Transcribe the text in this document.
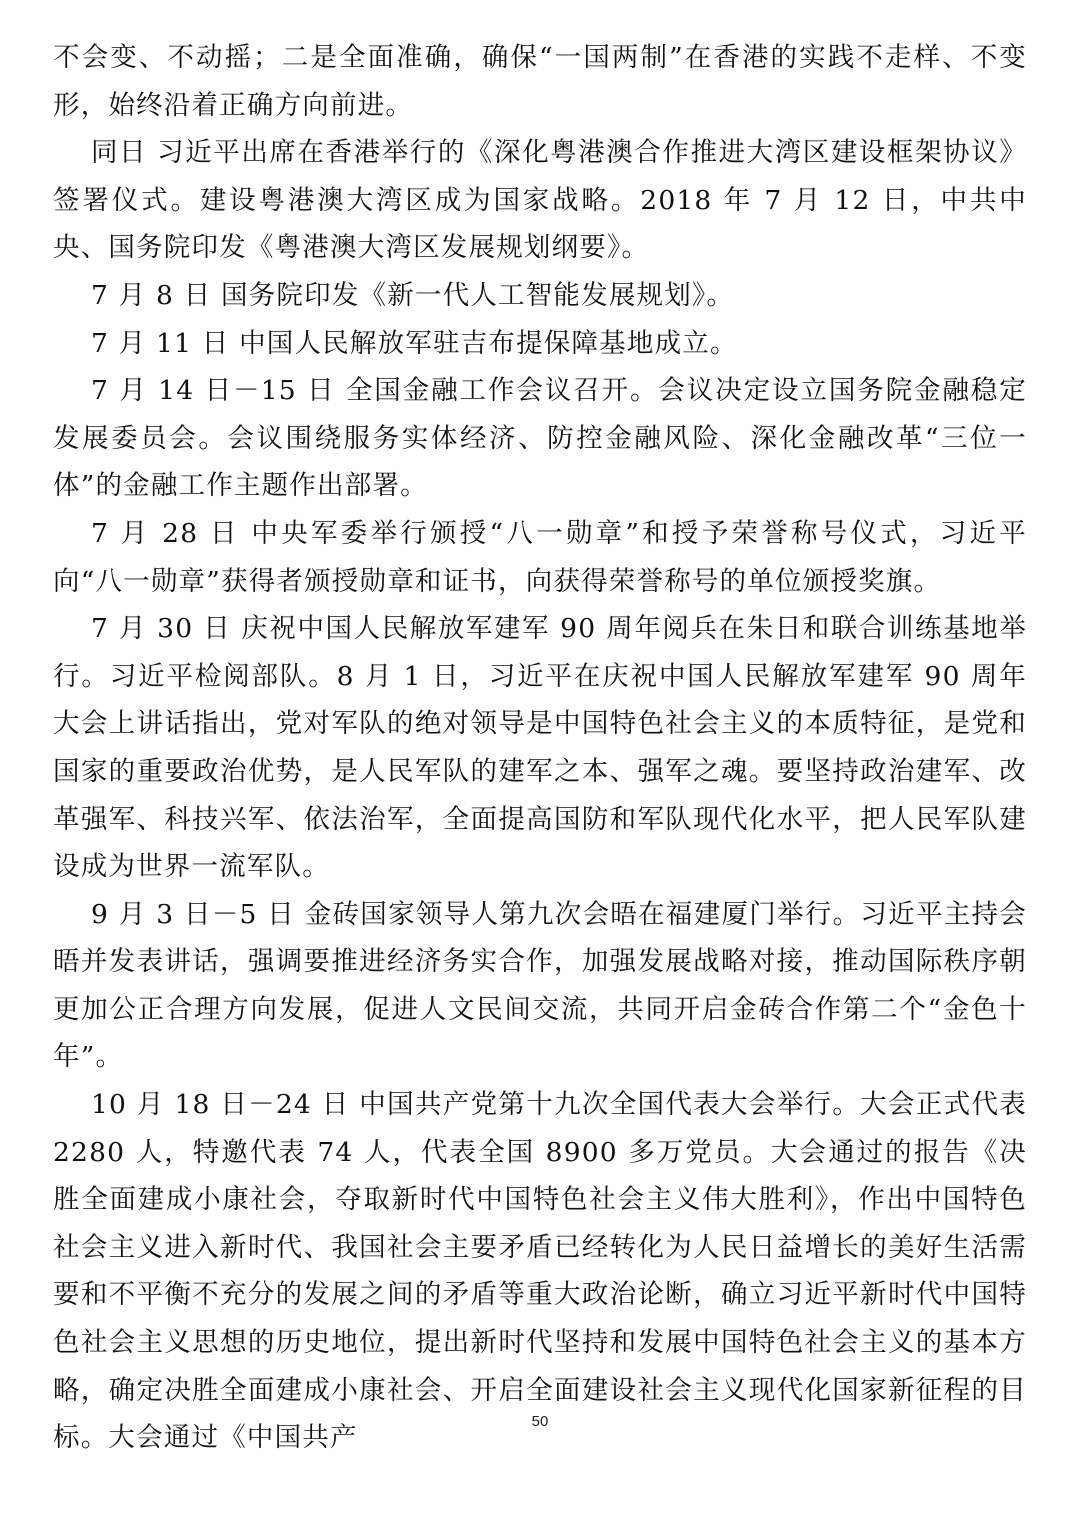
不会变、不动摇；二是全面准确，确保“一国两制”在香港的实践不走样、不变形，始终沿着正确方向前进。

同日 习近平出席在香港举行的《深化粤港澳合作推进大湾区建设框架协议》签署仪式。建设粤港澳大湾区成为国家战略。2018 年 7 月 12 日，中共中央、国务院印发《粤港澳大湾区发展规划纲要》。

7 月 8 日 国务院印发《新一代人工智能发展规划》。

7 月 11 日 中国人民解放军驻吉布提保障基地成立。

7 月 14 日－15 日 全国金融工作会议召开。会议决定设立国务院金融稳定发展委员会。会议围绕服务实体经济、防控金融风险、深化金融改革“三位一体”的金融工作主题作出部署。

7 月 28 日 中央军委举行颁授“八一勋章”和授予荣誉称号仪式，习近平向“八一勋章”获得者颁授勋章和证书，向获得荣誉称号的单位颁授奖旗。

7 月 30 日 庆祝中国人民解放军建军 90 周年阅兵在朱日和联合训练基地举行。习近平检阅部队。8 月 1 日，习近平在庆祝中国人民解放军建军 90 周年大会上讲话指出，党对军队的绝对领导是中国特色社会主义的本质特征，是党和国家的重要政治优势，是人民军队的建军之本、强军之魂。要坚持政治建军、改革强军、科技兴军、依法治军，全面提高国防和军队现代化水平，把人民军队建设成为世界一流军队。

9 月 3 日－5 日 金砖国家领导人第九次会晤在福建厦门举行。习近平主持会晤并发表讲话，强调要推进经济务实合作，加强发展战略对接，推动国际秩序朝更加公正合理方向发展，促进人文民间交流，共同开启金砖合作第二个“金色十年”。

10 月 18 日－24 日 中国共产党第十九次全国代表大会举行。大会正式代表 2280 人，特邀代表 74 人，代表全国 8900 多万党员。大会通过的报告《决胜全面建成小康社会，夺取新时代中国特色社会主义伟大胜利》，作出中国特色社会主义进入新时代、我国社会主要矛盾已经转化为人民日益增长的美好生活需要和不平衡不充分的发展之间的矛盾等重大政治论断，确立习近平新时代中国特色社会主义思想的历史地位，提出新时代坚持和发展中国特色社会主义的基本方略，确定决胜全面建成小康社会、开启全面建设社会主义现代化国家新征程的目标。大会通过《中国共产

50
